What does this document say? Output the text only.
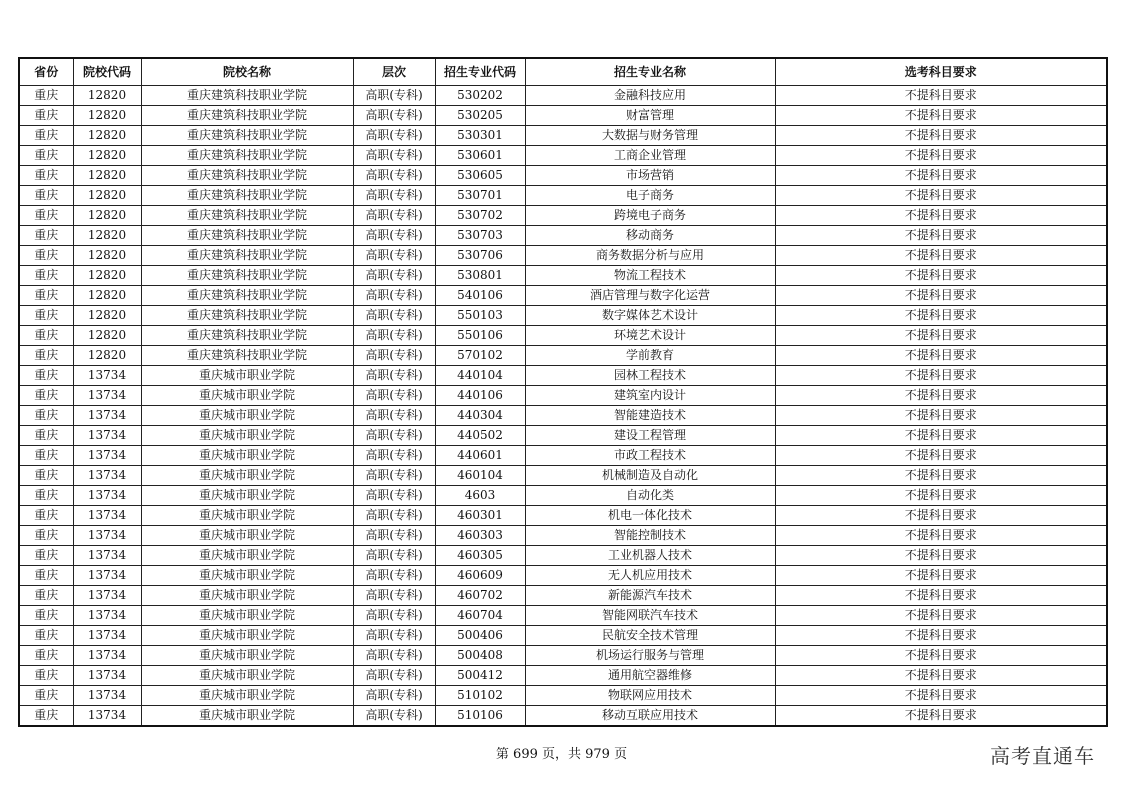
省份	院校代码	院校名称	层次	招生专业代码	招生专业名称	选考科目要求
重庆	12820	重庆建筑科技职业学院	高职(专科)	530202	金融科技应用	不提科目要求
重庆	12820	重庆建筑科技职业学院	高职(专科)	530205	财富管理	不提科目要求
重庆	12820	重庆建筑科技职业学院	高职(专科)	530301	大数据与财务管理	不提科目要求
重庆	12820	重庆建筑科技职业学院	高职(专科)	530601	工商企业管理	不提科目要求
重庆	12820	重庆建筑科技职业学院	高职(专科)	530605	市场营销	不提科目要求
重庆	12820	重庆建筑科技职业学院	高职(专科)	530701	电子商务	不提科目要求
重庆	12820	重庆建筑科技职业学院	高职(专科)	530702	跨境电子商务	不提科目要求
重庆	12820	重庆建筑科技职业学院	高职(专科)	530703	移动商务	不提科目要求
重庆	12820	重庆建筑科技职业学院	高职(专科)	530706	商务数据分析与应用	不提科目要求
重庆	12820	重庆建筑科技职业学院	高职(专科)	530801	物流工程技术	不提科目要求
重庆	12820	重庆建筑科技职业学院	高职(专科)	540106	酒店管理与数字化运营	不提科目要求
重庆	12820	重庆建筑科技职业学院	高职(专科)	550103	数字媒体艺术设计	不提科目要求
重庆	12820	重庆建筑科技职业学院	高职(专科)	550106	环境艺术设计	不提科目要求
重庆	12820	重庆建筑科技职业学院	高职(专科)	570102	学前教育	不提科目要求
重庆	13734	重庆城市职业学院	高职(专科)	440104	园林工程技术	不提科目要求
重庆	13734	重庆城市职业学院	高职(专科)	440106	建筑室内设计	不提科目要求
重庆	13734	重庆城市职业学院	高职(专科)	440304	智能建造技术	不提科目要求
重庆	13734	重庆城市职业学院	高职(专科)	440502	建设工程管理	不提科目要求
重庆	13734	重庆城市职业学院	高职(专科)	440601	市政工程技术	不提科目要求
重庆	13734	重庆城市职业学院	高职(专科)	460104	机械制造及自动化	不提科目要求
重庆	13734	重庆城市职业学院	高职(专科)	4603	自动化类	不提科目要求
重庆	13734	重庆城市职业学院	高职(专科)	460301	机电一体化技术	不提科目要求
重庆	13734	重庆城市职业学院	高职(专科)	460303	智能控制技术	不提科目要求
重庆	13734	重庆城市职业学院	高职(专科)	460305	工业机器人技术	不提科目要求
重庆	13734	重庆城市职业学院	高职(专科)	460609	无人机应用技术	不提科目要求
重庆	13734	重庆城市职业学院	高职(专科)	460702	新能源汽车技术	不提科目要求
重庆	13734	重庆城市职业学院	高职(专科)	460704	智能网联汽车技术	不提科目要求
重庆	13734	重庆城市职业学院	高职(专科)	500406	民航安全技术管理	不提科目要求
重庆	13734	重庆城市职业学院	高职(专科)	500408	机场运行服务与管理	不提科目要求
重庆	13734	重庆城市职业学院	高职(专科)	500412	通用航空器维修	不提科目要求
重庆	13734	重庆城市职业学院	高职(专科)	510102	物联网应用技术	不提科目要求
重庆	13734	重庆城市职业学院	高职(专科)	510106	移动互联应用技术	不提科目要求
第 699 页，共 979 页	高考直通车
